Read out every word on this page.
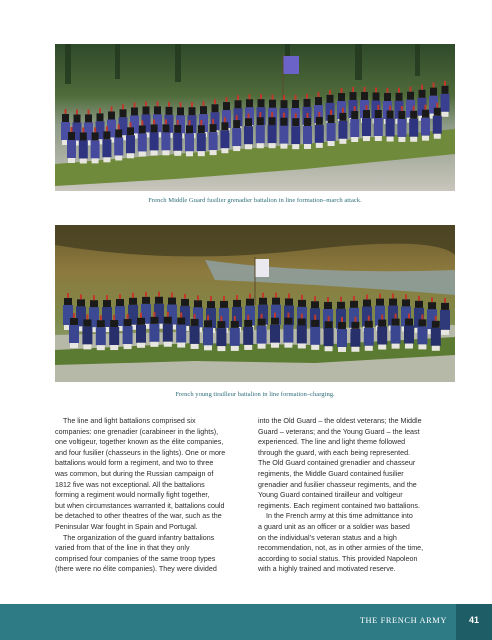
French Middle Guard fusilier grenadier battalion in line formation–march attack.
French young tirailleur battalion in line formation–charging.

The line and light battalions comprised six
companies: one grenadier (carabineer in the lights),
one voltigeur, together known as the élite companies,
and four fusilier (chasseurs in the lights). One or more
battalions would form a regiment, and two to three
was common, but during the Russian campaign of
1812 five was not exceptional. All the battalions
forming a regiment would normally fight together,
but when circumstances warranted it, battalions could
be detached to other theatres of the war, such as the
Peninsular War fought in Spain and Portugal.

The organization of the guard infantry battalions
varied from that of the line in that they only
comprised four companies of the same troop types
(there were no élite companies). They were divided

into the Old Guard – the oldest veterans; the Middle
Guard – veterans; and the Young Guard – the least
experienced. The line and light theme followed
through the guard, with each being represented.
The Old Guard contained grenadier and chasseur
regiments, the Middle Guard contained fusilier
grenadier and fusilier chasseur regiments, and the
Young Guard contained tirailleur and voltigeur
regiments. Each regiment contained two battalions.

In the French army at this time admittance into
a guard unit as an officer or a soldier was based
on the individual’s veteran status and a high
recommendation, not, as in other armies of the time,
according to social status. This provided Napoleon
with a highly trained and motivated reserve.

THE FRENCH ARMY	41
